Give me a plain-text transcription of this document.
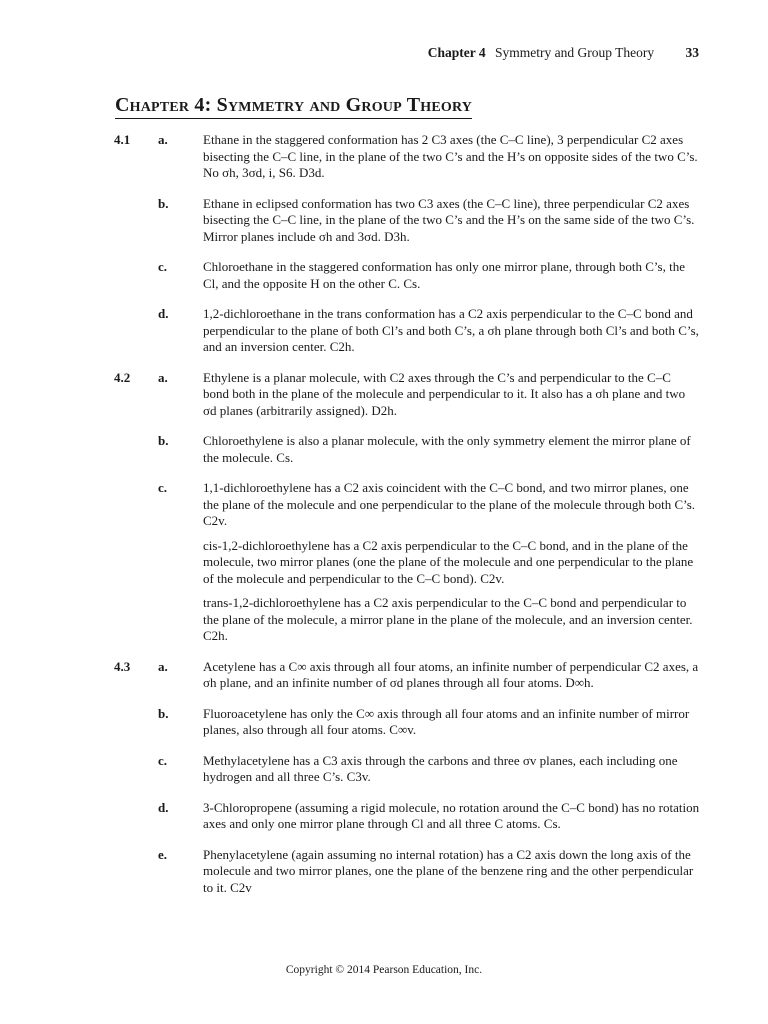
Chapter 4 Symmetry and Group Theory 33
Chapter 4: Symmetry and Group Theory
4.1 a.	Ethane in the staggered conformation has 2 C3 axes (the C–C line), 3 perpendicular C2 axes bisecting the C–C line, in the plane of the two C’s and the H’s on opposite sides of the two C’s. No σh, 3σd, i, S6. D3d.
b.	Ethane in eclipsed conformation has two C3 axes (the C–C line), three perpendicular C2 axes bisecting the C–C line, in the plane of the two C’s and the H’s on the same side of the two C’s. Mirror planes include σh and 3σd. D3h.
c.	Chloroethane in the staggered conformation has only one mirror plane, through both C’s, the Cl, and the opposite H on the other C. Cs.
d.	1,2-dichloroethane in the trans conformation has a C2 axis perpendicular to the C–C bond and perpendicular to the plane of both Cl’s and both C’s, a σh plane through both Cl’s and both C’s, and an inversion center. C2h.
4.2 a.	Ethylene is a planar molecule, with C2 axes through the C’s and perpendicular to the C–C bond both in the plane of the molecule and perpendicular to it. It also has a σh plane and two σd planes (arbitrarily assigned). D2h.
b.	Chloroethylene is also a planar molecule, with the only symmetry element the mirror plane of the molecule. Cs.
c.	1,1-dichloroethylene has a C2 axis coincident with the C–C bond, and two mirror planes, one the plane of the molecule and one perpendicular to the plane of the molecule through both C’s. C2v.
cis-1,2-dichloroethylene has a C2 axis perpendicular to the C–C bond, and in the plane of the molecule, two mirror planes (one the plane of the molecule and one perpendicular to the plane of the molecule and perpendicular to the C–C bond). C2v.
trans-1,2-dichloroethylene has a C2 axis perpendicular to the C–C bond and perpendicular to the plane of the molecule, a mirror plane in the plane of the molecule, and an inversion center. C2h.
4.3 a.	Acetylene has a C∞ axis through all four atoms, an infinite number of perpendicular C2 axes, a σh plane, and an infinite number of σd planes through all four atoms. D∞h.
b.	Fluoroacetylene has only the C∞ axis through all four atoms and an infinite number of mirror planes, also through all four atoms. C∞v.
c.	Methylacetylene has a C3 axis through the carbons and three σv planes, each including one hydrogen and all three C’s. C3v.
d.	3-Chloropropene (assuming a rigid molecule, no rotation around the C–C bond) has no rotation axes and only one mirror plane through Cl and all three C atoms. Cs.
e.	Phenylacetylene (again assuming no internal rotation) has a C2 axis down the long axis of the molecule and two mirror planes, one the plane of the benzene ring and the other perpendicular to it. C2v
Copyright © 2014 Pearson Education, Inc.
